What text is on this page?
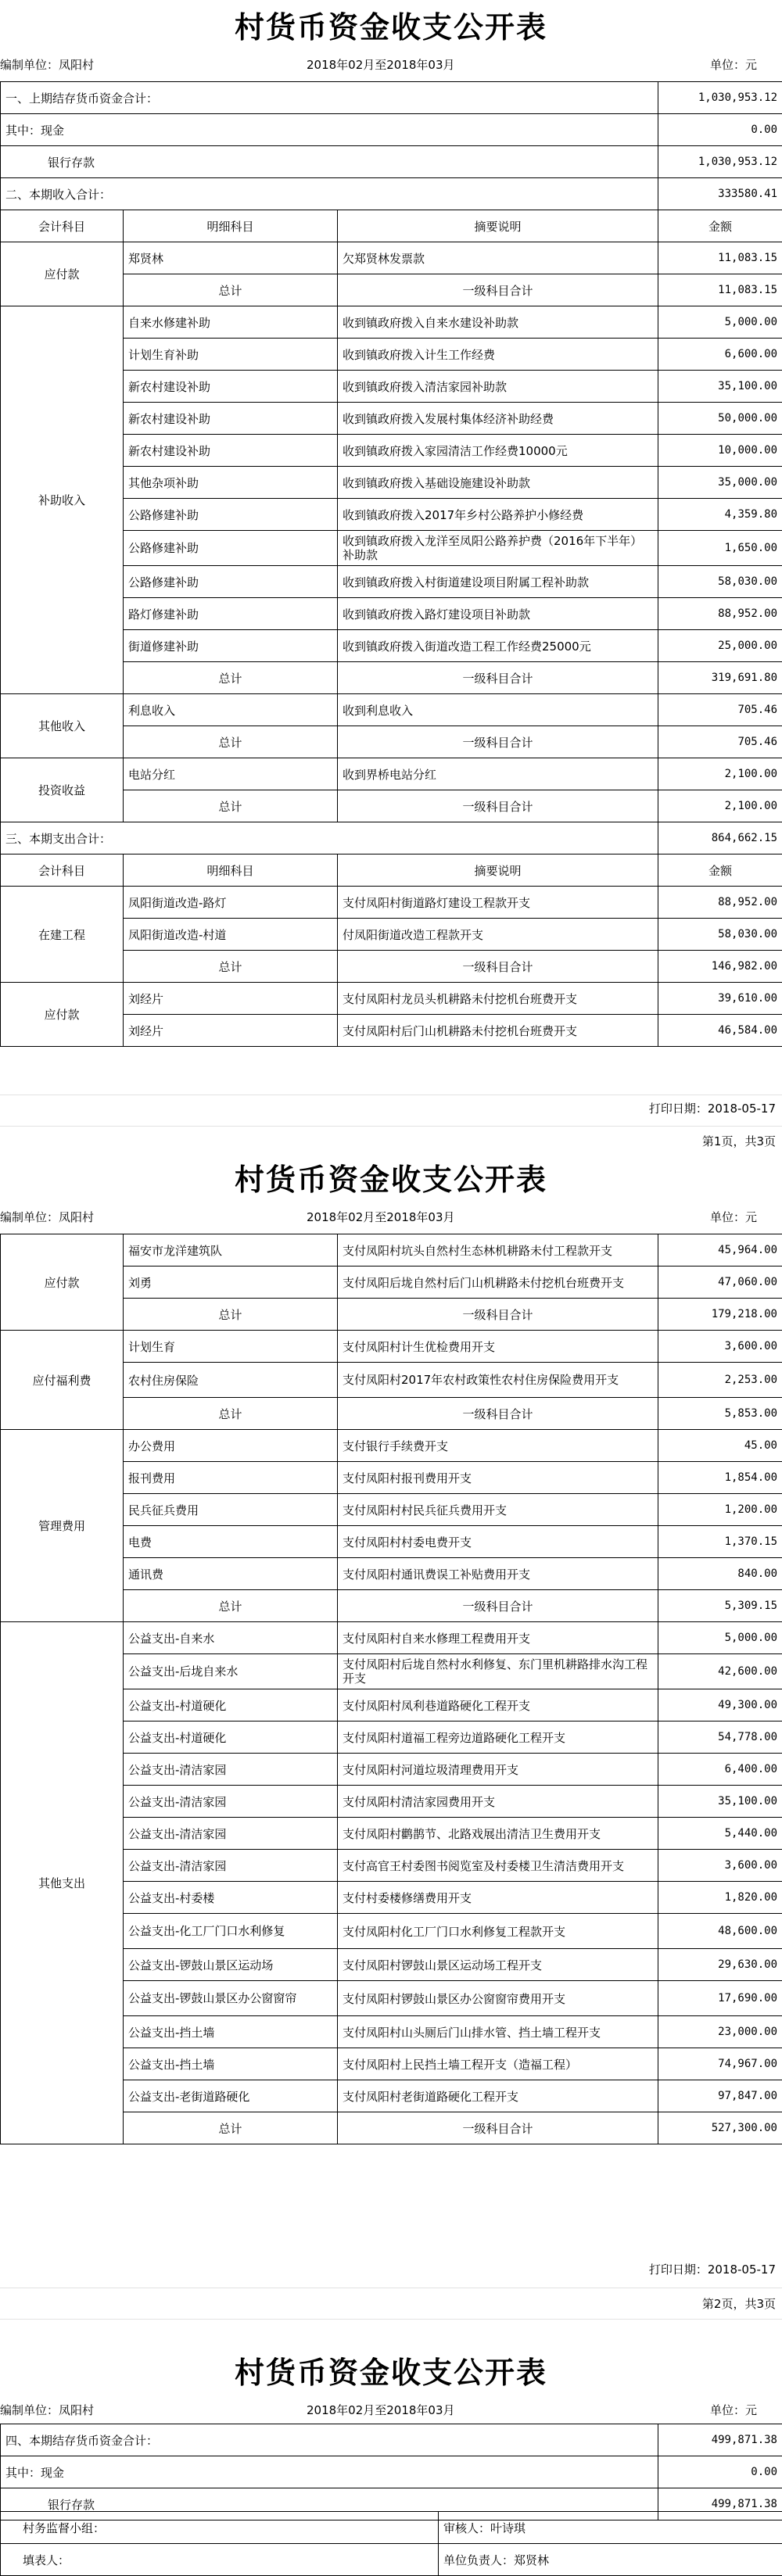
村货币资金收支公开表
编制单位：凤阳村	2018年02月至2018年03月	单位：元
一、上期结存货币资金合计：			1,030,953.12
其中：现金			0.00
银行存款			1,030,953.12
二、本期收入合计：			333580.41
会计科目	明细科目	摘要说明	金额
应付款	郑贤林	欠郑贤林发票款	11,083.15
	总计	一级科目合计	11,083.15
补助收入	自来水修建补助	收到镇政府拨入自来水建设补助款	5,000.00
	计划生育补助	收到镇政府拨入计生工作经费	6,600.00
	新农村建设补助	收到镇政府拨入清洁家园补助款	35,100.00
	新农村建设补助	收到镇政府拨入发展村集体经济补助经费	50,000.00
	新农村建设补助	收到镇政府拨入家园清洁工作经费10000元	10,000.00
	其他杂项补助	收到镇政府拨入基础设施建设补助款	35,000.00
	公路修建补助	收到镇政府拨入2017年乡村公路养护小修经费	4,359.80
	公路修建补助	收到镇政府拨入龙洋至凤阳公路养护费（2016年下半年）补助款	1,650.00
	公路修建补助	收到镇政府拨入村街道建设项目附属工程补助款	58,030.00
	路灯修建补助	收到镇政府拨入路灯建设项目补助款	88,952.00
	街道修建补助	收到镇政府拨入街道改造工程工作经费25000元	25,000.00
	总计	一级科目合计	319,691.80
其他收入	利息收入	收到利息收入	705.46
	总计	一级科目合计	705.46
投资收益	电站分红	收到界桥电站分红	2,100.00
	总计	一级科目合计	2,100.00
三、本期支出合计：			864,662.15
会计科目	明细科目	摘要说明	金额
在建工程	凤阳街道改造-路灯	支付凤阳村街道路灯建设工程款开支	88,952.00
	凤阳街道改造-村道	付凤阳街道改造工程款开支	58,030.00
	总计	一级科目合计	146,982.00
应付款	刘经片	支付凤阳村龙员头机耕路未付挖机台班费开支	39,610.00
	刘经片	支付凤阳村后门山机耕路未付挖机台班费开支	46,584.00
打印日期：2018-05-17
第1页，共3页
村货币资金收支公开表
编制单位：凤阳村	2018年02月至2018年03月	单位：元
应付款	福安市龙洋建筑队	支付凤阳村坑头自然村生态林机耕路未付工程款开支	45,964.00
	刘勇	支付凤阳后垅自然村后门山机耕路未付挖机台班费开支	47,060.00
	总计	一级科目合计	179,218.00
应付福利费	计划生育	支付凤阳村计生优检费用开支	3,600.00
	农村住房保险	支付凤阳村2017年农村政策性农村住房保险费用开支	2,253.00
	总计	一级科目合计	5,853.00
管理费用	办公费用	支付银行手续费开支	45.00
	报刊费用	支付凤阳村报刊费用开支	1,854.00
	民兵征兵费用	支付凤阳村村民兵征兵费用开支	1,200.00
	电费	支付凤阳村村委电费开支	1,370.15
	通讯费	支付凤阳村通讯费误工补贴费用开支	840.00
	总计	一级科目合计	5,309.15
其他支出	公益支出-自来水	支付凤阳村自来水修理工程费用开支	5,000.00
	公益支出-后垅自来水	支付凤阳村后垅自然村水利修复、东门里机耕路排水沟工程开支	42,600.00
	公益支出-村道硬化	支付凤阳村凤利巷道路硬化工程开支	49,300.00
	公益支出-村道硬化	支付凤阳村道福工程旁边道路硬化工程开支	54,778.00
	公益支出-清洁家园	支付凤阳村河道垃圾清理费用开支	6,400.00
	公益支出-清洁家园	支付凤阳村清洁家园费用开支	35,100.00
	公益支出-清洁家园	支付凤阳村鹳鹊节、北路戏展出清洁卫生费用开支	5,440.00
	公益支出-清洁家园	支付高官王村委图书阅览室及村委楼卫生清洁费用开支	3,600.00
	公益支出-村委楼	支付村委楼修缮费用开支	1,820.00
	公益支出-化工厂门口水利修复	支付凤阳村化工厂门口水利修复工程款开支	48,600.00
	公益支出-锣鼓山景区运动场	支付凤阳村锣鼓山景区运动场工程开支	29,630.00
	公益支出-锣鼓山景区办公窗窗帘	支付凤阳村锣鼓山景区办公窗窗帘费用开支	17,690.00
	公益支出-挡土墙	支付凤阳村山头厕后门山排水管、挡土墙工程开支	23,000.00
	公益支出-挡土墙	支付凤阳村上民挡土墙工程开支（造福工程）	74,967.00
	公益支出-老街道路硬化	支付凤阳村老街道路硬化工程开支	97,847.00
	总计	一级科目合计	527,300.00
打印日期：2018-05-17
第2页，共3页
村货币资金收支公开表
编制单位：凤阳村	2018年02月至2018年03月	单位：元
四、本期结存货币资金合计：	499,871.38
其中：现金	0.00
银行存款	499,871.38
村务监督小组：	审核人：叶诗琪
填表人：	单位负责人：郑贤林
